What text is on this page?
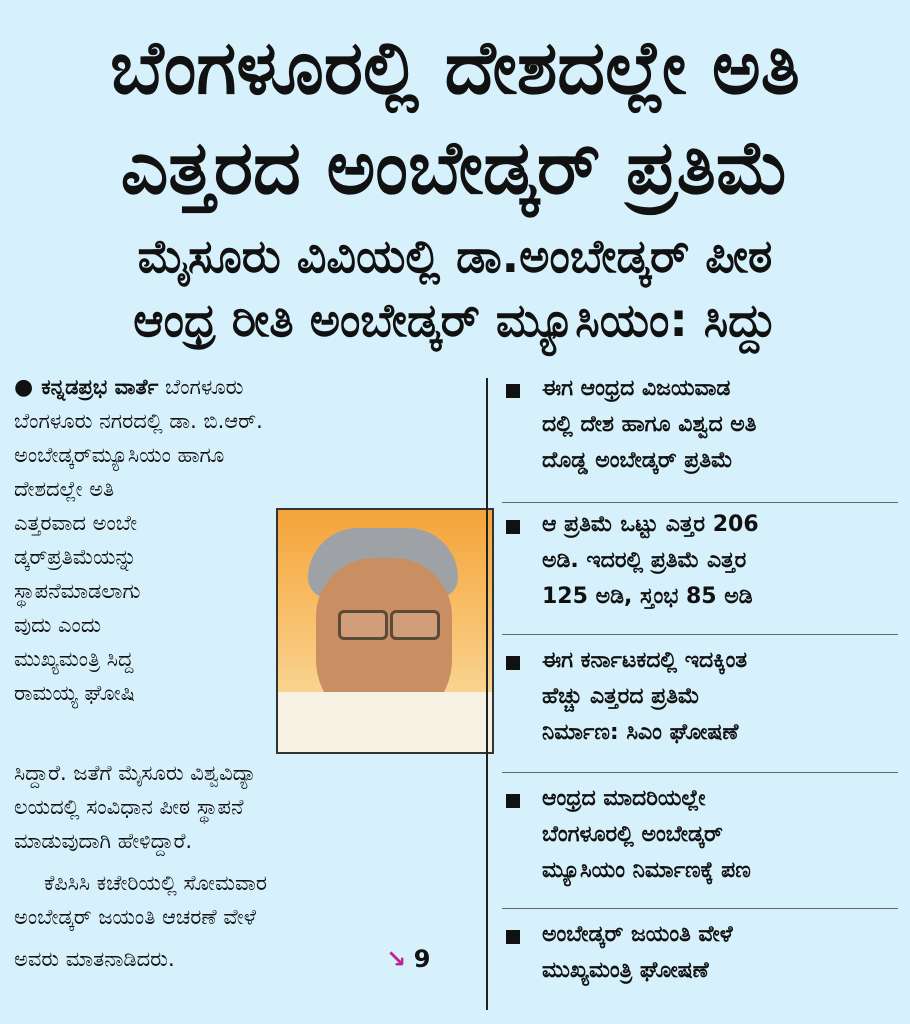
ಬೆಂಗಳೂರಲ್ಲಿ ದೇಶದಲ್ಲೇ ಅತಿ
ಎತ್ತರದ ಅಂಬೇಡ್ಕರ್ ಪ್ರತಿಮೆ
ಮೈಸೂರು ವಿವಿಯಲ್ಲಿ ಡಾ.ಅಂಬೇಡ್ಕರ್ ಪೀಠ
ಆಂಧ್ರ ರೀತಿ ಅಂಬೇಡ್ಕರ್ ಮ್ಯೂಸಿಯಂ: ಸಿದ್ದು
● ಕನ್ನಡಪ್ರಭ ವಾರ್ತೆ ಬೆಂಗಳೂರು
ಬೆಂಗಳೂರು ನಗರದಲ್ಲಿ ಡಾ. ಬಿ.ಆರ್.
ಅಂಬೇಡ್ಕರ್‌ಮ್ಯೂಸಿಯಂ ಹಾಗೂ
ದೇಶದಲ್ಲೇ ಅತಿ
ಎತ್ತರವಾದ ಅಂಬೇ
ಡ್ಕರ್‌ಪ್ರತಿಮೆಯನ್ನು
ಸ್ಥಾಪನೆಮಾಡಲಾಗು
ವುದು ಎಂದು
ಮುಖ್ಯಮಂತ್ರಿ ಸಿದ್ದ
ರಾಮಯ್ಯ ಘೋಷಿ
ಸಿದ್ದಾರೆ. ಜತೆಗೆ ಮೈಸೂರು ವಿಶ್ವವಿದ್ಯಾ
ಲಯದಲ್ಲಿ ಸಂವಿಧಾನ ಪೀಠ ಸ್ಥಾಪನೆ
ಮಾಡುವುದಾಗಿ ಹೇಳಿದ್ದಾರೆ.
ಕೆಪಿಸಿಸಿ ಕಚೇರಿಯಲ್ಲಿ ಸೋಮವಾರ
ಅಂಬೇಡ್ಕರ್ ಜಯಂತಿ ಆಚರಣೆ ವೇಳೆ
ಅವರು ಮಾತನಾಡಿದರು.	↘ 9
ಈಗ ಆಂಧ್ರದ ವಿಜಯವಾಡ
ದಲ್ಲಿ ದೇಶ ಹಾಗೂ ವಿಶ್ವದ ಅತಿ
ದೊಡ್ಡ ಅಂಬೇಡ್ಕರ್ ಪ್ರತಿಮೆ
ಆ ಪ್ರತಿಮೆ ಒಟ್ಟು ಎತ್ತರ 206
ಅಡಿ. ಇದರಲ್ಲಿ ಪ್ರತಿಮೆ ಎತ್ತರ
125 ಅಡಿ, ಸ್ತಂಭ 85 ಅಡಿ
ಈಗ ಕರ್ನಾಟಕದಲ್ಲಿ ಇದಕ್ಕಿಂತ
ಹೆಚ್ಚು ಎತ್ತರದ ಪ್ರತಿಮೆ
ನಿರ್ಮಾಣ: ಸಿಎಂ ಘೋಷಣೆ
ಆಂಧ್ರದ ಮಾದರಿಯಲ್ಲೇ
ಬೆಂಗಳೂರಲ್ಲಿ ಅಂಬೇಡ್ಕರ್
ಮ್ಯೂಸಿಯಂ ನಿರ್ಮಾಣಕ್ಕೆ ಪಣ
ಅಂಬೇಡ್ಕರ್ ಜಯಂತಿ ವೇಳೆ
ಮುಖ್ಯಮಂತ್ರಿ ಘೋಷಣೆ
